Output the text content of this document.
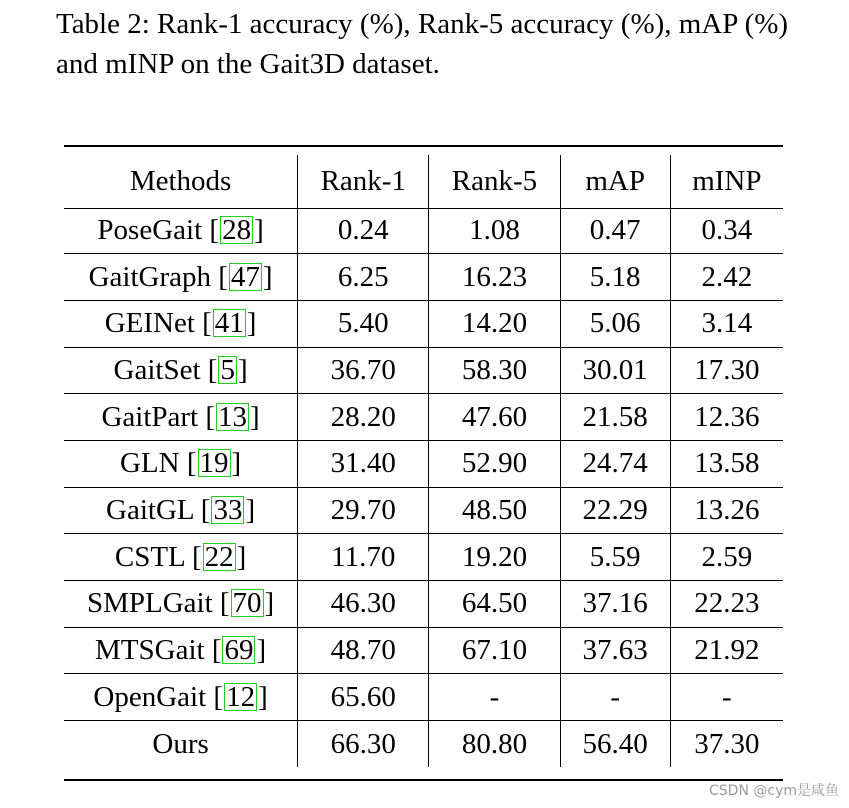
Table 2: Rank-1 accuracy (%), Rank-5 accuracy (%), mAP (%) and mINP on the Gait3D dataset.

Methods	Rank-1	Rank-5	mAP	mINP
PoseGait [ 28 ]	0.24	1.08	0.47	0.34
GaitGraph [ 47 ]	6.25	16.23	5.18	2.42
GEINet [ 41 ]	5.40	14.20	5.06	3.14
GaitSet [ 5 ]	36.70	58.30	30.01	17.30
GaitPart [ 13 ]	28.20	47.60	21.58	12.36
GLN [ 19 ]	31.40	52.90	24.74	13.58
GaitGL [ 33 ]	29.70	48.50	22.29	13.26
CSTL [ 22 ]	11.70	19.20	5.59	2.59
SMPLGait [ 70 ]	46.30	64.50	37.16	22.23
MTSGait [ 69 ]	48.70	67.10	37.63	21.92
OpenGait [ 12 ]	65.60	-	-	-
Ours	66.30	80.80	56.40	37.30
CSDN @cym是咸鱼
